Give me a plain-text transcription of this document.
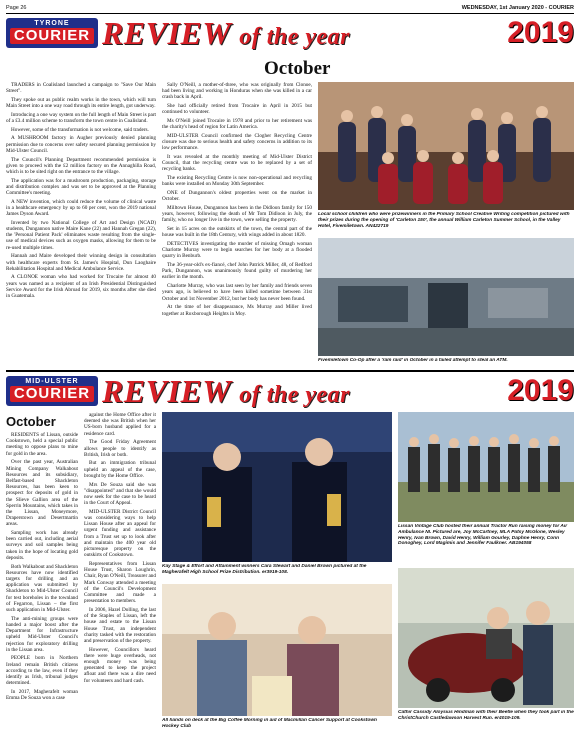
Page 26	WEDNESDAY, 1st January 2020 - COURIER
TYRONE
COURIER REVIEW of the year	2019
October

TRADERS in Coalisland launched a campaign to "Save Our Main Street".

They spoke out as public realm works in the town, which will turn Main Street into a one way road through its entire length, got underway.

Introducing a one way system on the full length of Main Street is part of a £3.4 million scheme to transform the town centre in Coalisland.

However, some of the transformation is not welcome, said traders.

A MUSHROOM factory in Augher previously denied planning permission due to concerns over safety secured planning permission by Mid-Ulster Council.

The Council's Planning Department recommended permission is given to proceed with the £2 million factory on the Annaghilla Road, which is to be sited right on the entrance to the village.

The application was for a mushroom production, packaging, storage and distribution complex and was set to be approved at the Planning Committee's meeting.

A NEW invention, which could reduce the volume of clinical waste in a healthcare emergency by up to 60 per cent, won the 2019 national James Dyson Award.

Invented by two National College of Art and Design (NCAD) students, Dungannon native Maire Kane (22) and Hannah Gregan (22), the 'Personal Patient Pack' eliminates waste resulting from the single-use of medical devices such as oxygen masks, allowing for them to be re-used multiple times.

Hannah and Maire developed their winning design in consultation with healthcare experts from St. James's Hospital, Dun Laoghaire Rehabilitation Hospital and Medical Ambulance Service.

A CLONOE woman who had worked for Trocaire for almost 40 years was named as a recipient of an Irish Presidential Distinguished Service Award for the Irish Abroad for 2019, six months after she died in Guatemala.

Sally O'Neill, a mother-of-three, who was originally from Clonoe, had been living and working in Honduras when she was killed in a car crash back in April.

She had officially retired from Trocaire in April in 2015 but continued to volunteer.

Ms O'Neill joined Trocaire in 1978 and prior to her retirement was the charity's head of region for Latin America.

MID-ULSTER Council confirmed the Clogher Recycling Centre closure was due to serious health and safety concerns in addition to its low performance.

It was revealed at the monthly meeting of Mid-Ulster District Council, that the recycling centre was to be replaced by a set of recycling banks.

The existing Recycling Centre is now non-operational and recycling banks were installed on Monday 30th September.

ONE of Dungannon's oldest properties went on the market in October.

Milltown House, Dungannon has been in the Didloon family for 150 years, however, following the death of Mr Tom Didloon in July, the family, who no longer live in the town, were selling the property.

Set in 15 acres on the outskirts of the town, the central part of the house was built in the 18th Century, with wings added in about 1820.

DETECTIVES investigating the murder of missing Omagh woman Charlotte Murray were to begin searches for her body at a flooded quarry in Benburb.

The 36-year-old's ex-fiancé, chef John Patrick Miller, 48, of Redford Park, Dungannon, was unanimously found guilty of murdering her earlier in the month.

Charlotte Murray, who was last seen by her family and friends seven years ago, is believed to have been killed sometime between 31st October and 1st November 2012, but her body has never been found.

At the time of her disappearance, Ms Murray and Miller lived together at Roxborough Heights in Moy.

Local school children who were prizewinners in the Primary School Creative Writing competition pictured with their prizes during the opening of 'Carleton 150', the annual William Carleton Summer School, in the Valley Hotel, Fivemiletown. AN422719
Fivemiletown Co-Op after a 'ram raid' in October in a failed attempt to steal an ATM.
MID-ULSTER
COURIER REVIEW of the year	2019
October

RESIDENTS of Lissan, outside Cookstown, held a special public meeting to oppose plans to mine for gold in the area.

Over the past year, Australian Mining Company Walkabout Resources and its subsidiary, Belfast-based Shackleton Resources, has been keen to prospect for deposits of gold in the Slieve Gallion area of the Sperrin Mountains, which takes in the Lissan, Moneymore, Draperstown and Desertmartin areas.

Sampling work has already been carried out, including aerial surveys and soil samples being taken in the hope of locating gold deposits.

Both Walkabout and Shackleton Resources have now identified targets for drilling and an application was submitted by Shackleton to Mid-Ulster Council for test boreholes in the townland of Fegarron, Lissan – the first such application in Mid-Ulster.

The anti-mining groups were handed a major boost after the Department for Infrastructure upheld Mid-Ulster Council's rejection for exploratory drilling in the Lissan area.

PEOPLE born in Northern Ireland remain British citizens according to the law, even if they identify as Irish, tribunal judges determined.

In 2017, Magherafelt woman Emma De Souza won a case

against the Home Office after it deemed she was British when her US-born husband applied for a residence card.

The Good Friday Agreement allows people to identify as British, Irish or both.

But an immigration tribunal upheld an appeal of the case, brought by the Home Office.

Mrs De Souza said she was "disappointed" and that she would now seek for the case to be heard in the Court of Appeal.

MID-ULSTER District Council was considering ways to help Lissan House after an appeal for urgent funding and assistance from a Trust set up to look after and maintain the 400 year old picturesque property on the outskirts of Cookstown.

Representatives from Lissan House Trust, Sharon Loughrin, Chair, Ryan O'Neill, Treasurer and Mark Conway attended a meeting of the Council's Development Committee and made a presentation to members.

In 2006, Hazel Dolling, the last of the Staples of Lissan, left the house and estate to the Lissan House Trust, an independent charity tasked with the restoration and preservation of the property.

However, Councillors heard there were huge overheads, not enough money was being generated to keep the project afloat and there was a dire need for volunteers and hard cash.

Kay Stage & Effort and Attainment winners Cara Stewart and Daniel Brown pictured at the Magherafelt High School Prize Distribution. er3919-108.
All hands on deck at the Big Coffee Morning in aid of Macmillan Cancer Support at Cookstown Hockey Club
Lissan Vintage Club hosted their annual Tractor Run raising money for Air Ambulance NI. Pictured are, Joy McCartney, MLA Patsy McGlone, Wesley Henry, Ivan Brown, David Henry, William Gourley, Daphne Henry, Conn Donoghey, Lord Magimis and Jennifer Faulkner. AB194058
Cathir Cassidy Aloysius Hindman with their Beetle when they took part in the ChristChurch Castledawson Harvest Run. er4019-109.
